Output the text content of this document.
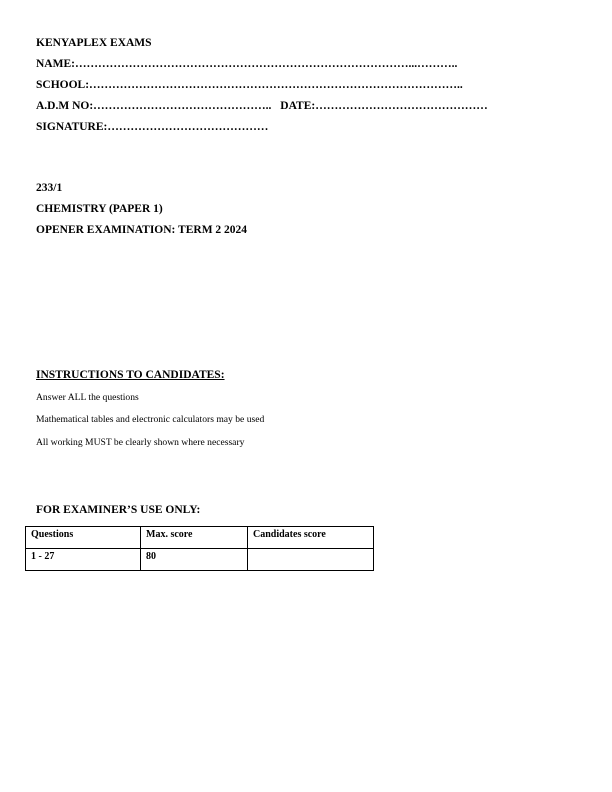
KENYAPLEX EXAMS
NAME:……………………………………………………………………………...………..
SCHOOL:……………………………………………………………………………………..
A.D.M NO:……………………………………….. DATE:………………………………………
SIGNATURE:……………………………………
233/1
CHEMISTRY (PAPER 1)
OPENER EXAMINATION: TERM 2 2024
INSTRUCTIONS TO CANDIDATES:
Answer ALL the questions
Mathematical tables and electronic calculators may be used
All working MUST be clearly shown where necessary
FOR EXAMINER’S USE ONLY:
Questions	Max. score	Candidates score
1 - 27	80	
